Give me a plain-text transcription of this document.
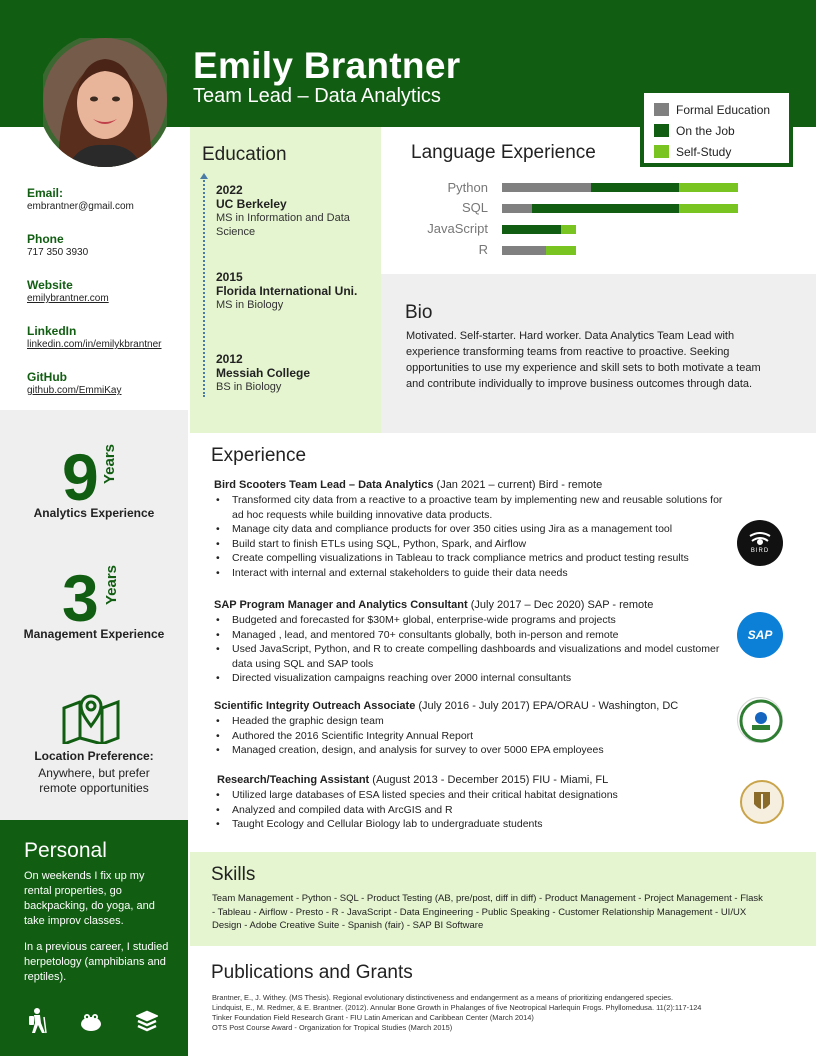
Emily Brantner
Team Lead – Data Analytics
Formal Education
On the Job
Self-Study
Email:
embrantner@gmail.com
Phone
717 350 3930
Website
emilybrantner.com
LinkedIn
linkedin.com/in/emilykbrantner
GitHub
github.com/EmmiKay
9 Years
Analytics Experience
3 Years
Management Experience
Location Preference:
Anywhere, but prefer remote opportunities
Personal

On weekends I fix up my rental properties, go backpacking, do yoga, and take improv classes.

In a previous career, I studied herpetology (amphibians and reptiles).

Education
2022
UC Berkeley
MS in Information and Data Science
2015
Florida International Uni.
MS in Biology
2012
Messiah College
BS in Biology
Language Experience
Python
SQL
JavaScript
R
Bio
Motivated. Self-starter. Hard worker. Data Analytics Team Lead with experience transforming teams from reactive to proactive. Seeking opportunities to use my experience and skill sets to both motivate a team and contribute individually to improve business outcomes through data.
Experience
Bird Scooters Team Lead – Data Analytics (Jan 2021 – current) Bird - remote
• Transformed city data from a reactive to a proactive team by implementing new and reusable solutions for ad hoc requests while building innovative data products.
• Manage city data and compliance products for over 350 cities using Jira as a management tool
• Build start to finish ETLs using SQL, Python, Spark, and Airflow
• Create compelling visualizations in Tableau to track compliance metrics and product testing results
• Interact with internal and external stakeholders to guide their data needs
BIRD
SAP Program Manager and Analytics Consultant (July 2017 – Dec 2020) SAP - remote
• Budgeted and forecasted for $30M+ global, enterprise-wide programs and projects
• Managed , lead, and mentored 70+ consultants globally, both in-person and remote
• Used JavaScript, Python, and R to create compelling dashboards and visualizations and model customer data using SQL and SAP tools
• Directed visualization campaigns reaching over 2000 internal consultants
SAP
Scientific Integrity Outreach Associate (July 2016 - July 2017) EPA/ORAU - Washington, DC
• Headed the graphic design team
• Authored the 2016 Scientific Integrity Annual Report
• Managed creation, design, and analysis for survey to over 5000 EPA employees
Research/Teaching Assistant (August 2013 - December 2015) FIU - Miami, FL
• Utilized large databases of ESA listed species and their critical habitat designations
• Analyzed and compiled data with ArcGIS and R
• Taught Ecology and Cellular Biology lab to undergraduate students
Skills
Team Management - Python - SQL - Product Testing (AB, pre/post, diff in diff) - Product Management - Project Management - Flask - Tableau - Airflow - Presto - R - JavaScript - Data Engineering - Public Speaking - Customer Relationship Management - UI/UX Design - Adobe Creative Suite - Spanish (fair) - SAP BI Software
Publications and Grants
Brantner, E., J. Withey. (MS Thesis). Regional evolutionary distinctiveness and endangerment as a means of prioritizing endangered species.
Lindquist, E., M. Redmer, & E. Brantner. (2012). Annular Bone Growth in Phalanges of five Neotropical Harlequin Frogs. Phyllomedusa. 11(2):117-124
Tinker Foundation Field Research Grant - FIU Latin American and Caribbean Center (March 2014)
OTS Post Course Award - Organization for Tropical Studies (March 2015)
